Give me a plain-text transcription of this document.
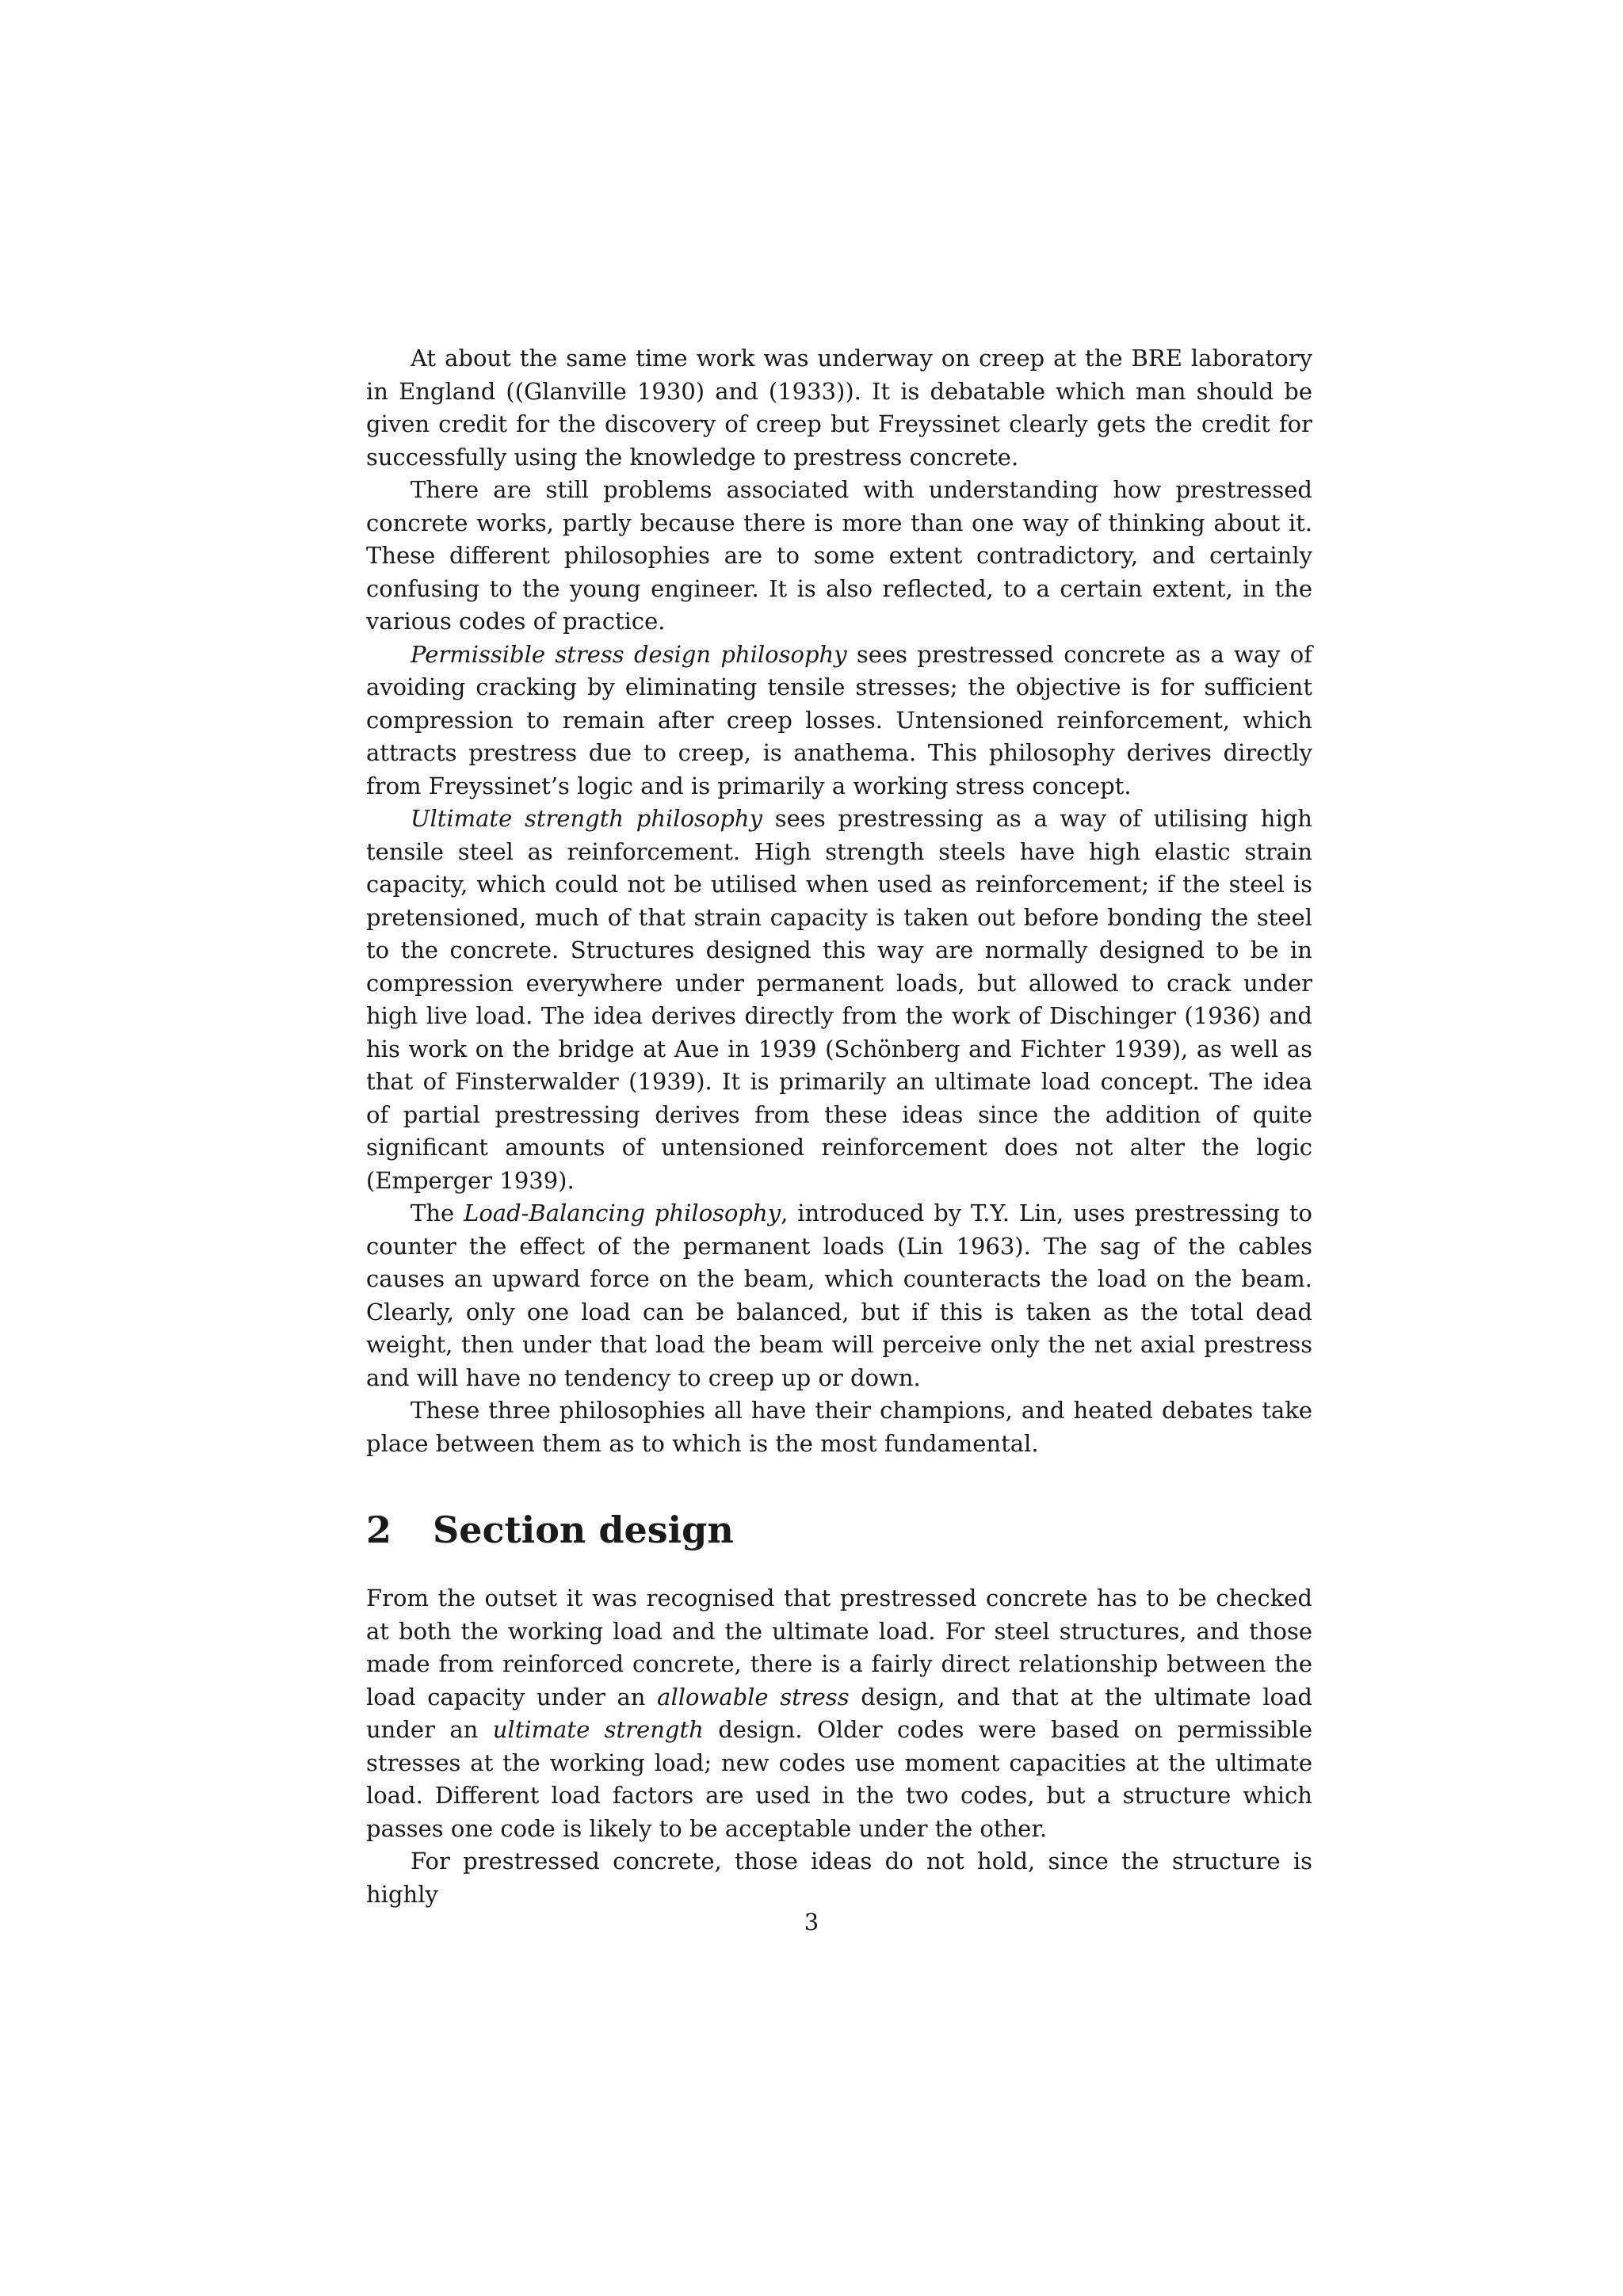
At about the same time work was underway on creep at the BRE laboratory in England ((Glanville 1930) and (1933)). It is debatable which man should be given credit for the discovery of creep but Freyssinet clearly gets the credit for successfully using the knowledge to prestress concrete.

There are still problems associated with understanding how prestressed concrete works, partly because there is more than one way of thinking about it. These different philosophies are to some extent contradictory, and certainly confusing to the young engineer. It is also reflected, to a certain extent, in the various codes of practice.

Permissible stress design philosophy sees prestressed concrete as a way of avoiding cracking by eliminating tensile stresses; the objective is for sufficient compression to remain after creep losses. Untensioned reinforcement, which attracts prestress due to creep, is anathema. This philosophy derives directly from Freyssinet’s logic and is primarily a working stress concept.

Ultimate strength philosophy sees prestressing as a way of utilising high tensile steel as reinforcement. High strength steels have high elastic strain capacity, which could not be utilised when used as reinforcement; if the steel is pretensioned, much of that strain capacity is taken out before bonding the steel to the concrete. Structures designed this way are normally designed to be in compression everywhere under permanent loads, but allowed to crack under high live load. The idea derives directly from the work of Dischinger (1936) and his work on the bridge at Aue in 1939 (Schönberg and Fichter 1939), as well as that of Finsterwalder (1939). It is primarily an ultimate load concept. The idea of partial prestressing derives from these ideas since the addition of quite significant amounts of untensioned reinforcement does not alter the logic (Emperger 1939).

The Load-Balancing philosophy, introduced by T.Y. Lin, uses prestressing to counter the effect of the permanent loads (Lin 1963). The sag of the cables causes an upward force on the beam, which counteracts the load on the beam. Clearly, only one load can be balanced, but if this is taken as the total dead weight, then under that load the beam will perceive only the net axial prestress and will have no tendency to creep up or down.

These three philosophies all have their champions, and heated debates take place between them as to which is the most fundamental.

2	Section design

From the outset it was recognised that prestressed concrete has to be checked at both the working load and the ultimate load. For steel structures, and those made from reinforced concrete, there is a fairly direct relationship between the load capacity under an allowable stress design, and that at the ultimate load under an ultimate strength design. Older codes were based on permissible stresses at the working load; new codes use moment capacities at the ultimate load. Different load factors are used in the two codes, but a structure which passes one code is likely to be acceptable under the other.

For prestressed concrete, those ideas do not hold, since the structure is highly

3
